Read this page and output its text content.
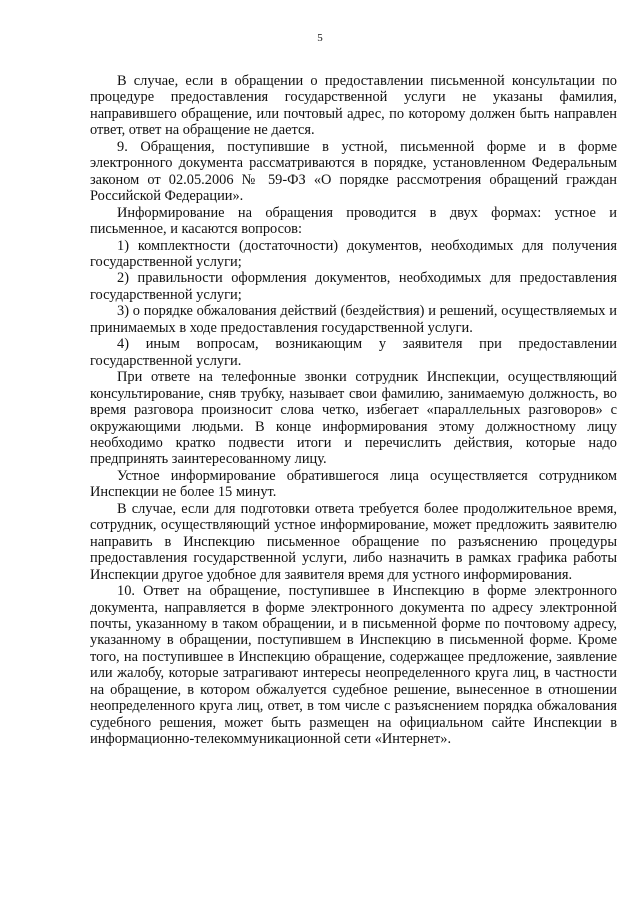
5

В случае, если в обращении о предоставлении письменной консультации по процедуре предоставления государственной услуги не указаны фамилия, направившего обращение, или почтовый адрес, по которому должен быть направлен ответ, ответ на обращение не дается.

9. Обращения, поступившие в устной, письменной форме и в форме электронного документа рассматриваются в порядке, установленном Федеральным законом от 02.05.2006 № 59-ФЗ «О порядке рассмотрения обращений граждан Российской Федерации».

Информирование на обращения проводится в двух формах: устное и письменное, и касаются вопросов:

1) комплектности (достаточности) документов, необходимых для получения государственной услуги;

2) правильности оформления документов, необходимых для предоставления государственной услуги;

3) о порядке обжалования действий (бездействия) и решений, осуществляемых и принимаемых в ходе предоставления государственной услуги.

4) иным вопросам, возникающим у заявителя при предоставлении государственной услуги.

При ответе на телефонные звонки сотрудник Инспекции, осуществляющий консультирование, сняв трубку, называет свои фамилию, занимаемую должность, во время разговора произносит слова четко, избегает «параллельных разговоров» с окружающими людьми. В конце информирования этому должностному лицу необходимо кратко подвести итоги и перечислить действия, которые надо предпринять заинтересованному лицу.

Устное информирование обратившегося лица осуществляется сотрудником Инспекции не более 15 минут.

В случае, если для подготовки ответа требуется более продолжительное время, сотрудник, осуществляющий устное информирование, может предложить заявителю направить в Инспекцию письменное обращение по разъяснению процедуры предоставления государственной услуги, либо назначить в рамках графика работы Инспекции другое удобное для заявителя время для устного информирования.

10. Ответ на обращение, поступившее в Инспекцию в форме электронного документа, направляется в форме электронного документа по адресу электронной почты, указанному в таком обращении, и в письменной форме по почтовому адресу, указанному в обращении, поступившем в Инспекцию в письменной форме. Кроме того, на поступившее в Инспекцию обращение, содержащее предложение, заявление или жалобу, которые затрагивают интересы неопределенного круга лиц, в частности на обращение, в котором обжалуется судебное решение, вынесенное в отношении неопределенного круга лиц, ответ, в том числе с разъяснением порядка обжалования судебного решения, может быть размещен на официальном сайте Инспекции в информационно-телекоммуникационной сети «Интернет».
